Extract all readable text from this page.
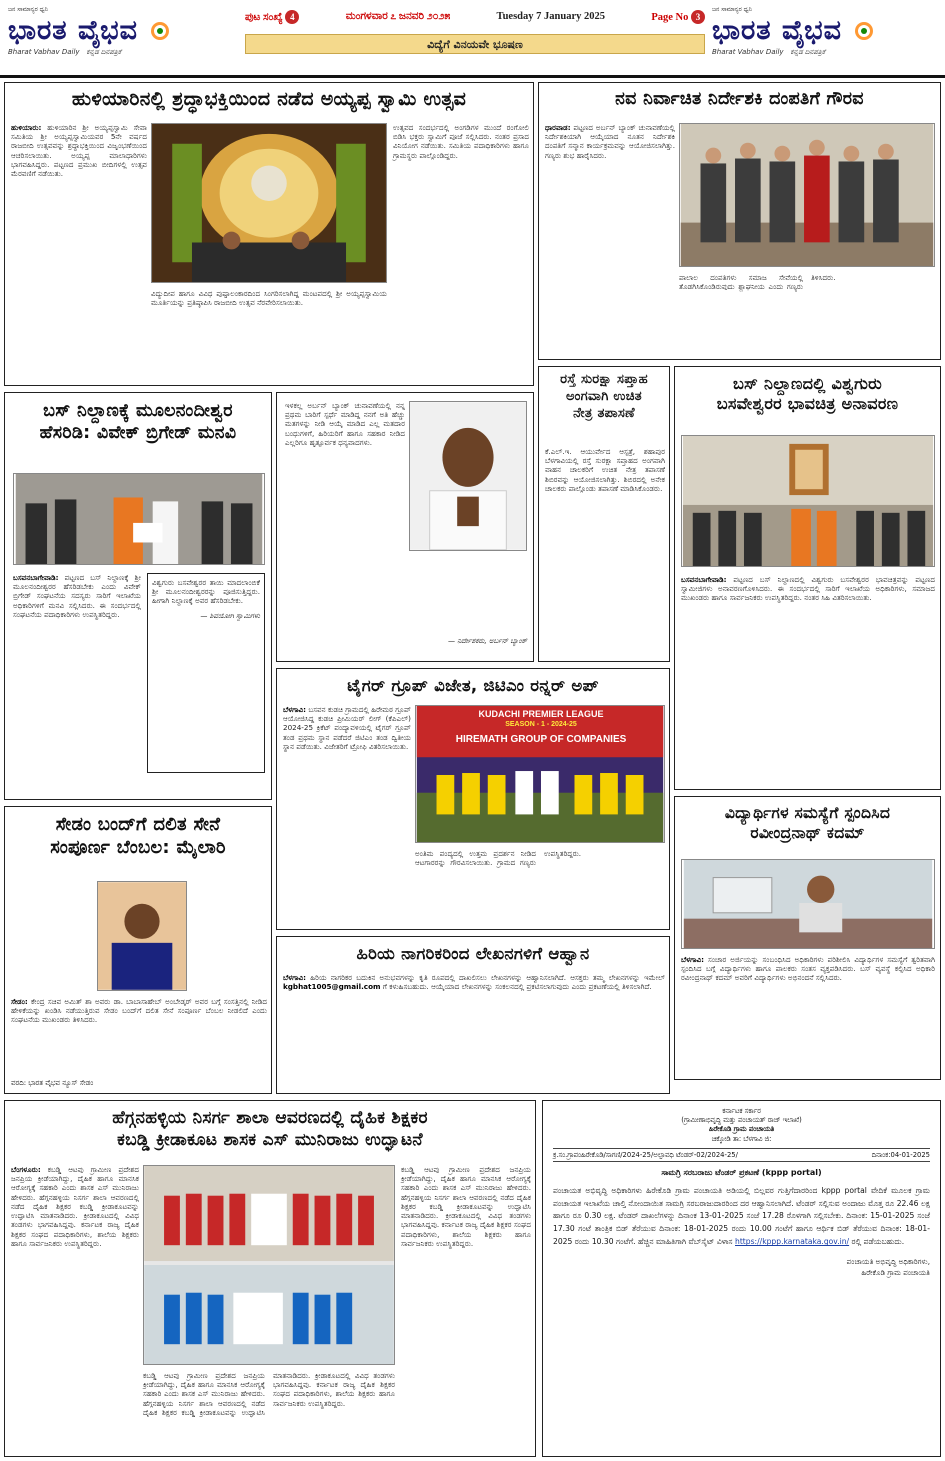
ಜನ ಸಾಮಾನ್ಯರ ಧ್ವನಿ
ಭಾರತ ವೈಭವ
Bharat Vabhav Daily ಕನ್ನಡ ದಿನಪತ್ರಿಕೆ
ಪುಟ ಸಂಖ್ಯೆ 4	ಮಂಗಳವಾರ ೭ ಜನವರಿ ೨೦೨೫	Tuesday 7 January 2025	Page No 3
ವಿದ್ಯೆಗೆ ವಿನಯವೇ ಭೂಷಣ
ಜನ ಸಾಮಾನ್ಯರ ಧ್ವನಿ
ಭಾರತ ವೈಭವ
Bharat Vabhav Daily ಕನ್ನಡ ದಿನಪತ್ರಿಕೆ
ಹುಳಿಯಾರಿನಲ್ಲಿ ಶ್ರದ್ಧಾಭಕ್ತಿಯಿಂದ ನಡೆದ ಅಯ್ಯಪ್ಪ ಸ್ವಾಮಿ ಉತ್ಸವ
ಹುಳಿಯಾರು: ಹುಳಿಯಾರಿನ ಶ್ರೀ ಅಯ್ಯಪ್ಪಸ್ವಾಮಿ ಸೇವಾ ಸಮಿತಿಯ ಶ್ರೀ ಅಯ್ಯಪ್ಪಸ್ವಾಮಿಯವರ 5ನೇ ವರ್ಷದ ರಾಜಬೀದಿ ಉತ್ಸವವನ್ನು ಶ್ರದ್ಧಾಭಕ್ತಿಯಿಂದ ವಿಜೃಂಭಣೆಯಿಂದ ಆಚರಿಸಲಾಯಿತು. ಅಯ್ಯಪ್ಪ ಮಾಲಾಧಾರಿಗಳು ಭಾಗವಹಿಸಿದ್ದರು. ಪಟ್ಟಣದ ಪ್ರಮುಖ ಬೀದಿಗಳಲ್ಲಿ ಉತ್ಸವ ಮೆರವಣಿಗೆ ನಡೆಯಿತು.
ಉತ್ಸವದ ಸಂದರ್ಭದಲ್ಲಿ ಅಂಗಡಿಗಳ ಮುಂದೆ ರಂಗೋಲಿ ಬಿಡಿಸಿ ಭಕ್ತರು ಸ್ವಾಮಿಗೆ ಪೂಜೆ ಸಲ್ಲಿಸಿದರು. ನಂತರ ಪ್ರಸಾದ ವಿನಿಯೋಗ ನಡೆಯಿತು. ಸಮಿತಿಯ ಪದಾಧಿಕಾರಿಗಳು ಹಾಗೂ ಗ್ರಾಮಸ್ಥರು ಪಾಲ್ಗೊಂಡಿದ್ದರು.
ವಿದ್ಯುದೀಪ ಹಾಗೂ ವಿವಿಧ ಪುಷ್ಪಾಲಂಕಾರದಿಂದ ಸಿಂಗರಿಸಲಾಗಿದ್ದ ಮಂಟಪದಲ್ಲಿ ಶ್ರೀ ಅಯ್ಯಪ್ಪಸ್ವಾಮಿಯ ಮೂರ್ತಿಯನ್ನು ಪ್ರತಿಷ್ಠಾಪಿಸಿ ರಾಜಬೀದಿ ಉತ್ಸವ ನೆರವೇರಿಸಲಾಯಿತು.
ನವ ನಿರ್ವಾಚಿತ ನಿರ್ದೇಶಕಿ ದಂಪತಿಗೆ ಗೌರವ
ಧಾರವಾಡ: ಪಟ್ಟಣದ ಅರ್ಬನ್ ಬ್ಯಾಂಕ್ ಚುನಾವಣೆಯಲ್ಲಿ ನಿರ್ದೇಶಕಿಯಾಗಿ ಆಯ್ಕೆಯಾದ ನೂತನ ನಿರ್ದೇಶಕಿ ದಂಪತಿಗೆ ಸನ್ಮಾನ ಕಾರ್ಯಕ್ರಮವನ್ನು ಆಯೋಜಿಸಲಾಗಿತ್ತು. ಗಣ್ಯರು ಶುಭ ಹಾರೈಸಿದರು.
ಪಾಲಾಲ ದಂಪತಿಗಳು ಸಮಾಜ ಸೇವೆಯಲ್ಲಿ ತೊಡಗಿಸಿಕೊಂಡಿರುವುದು ಶ್ಲಾಘನೀಯ ಎಂದು ಗಣ್ಯರು ತಿಳಿಸಿದರು.
ಬಸ್ ನಿಲ್ದಾಣಕ್ಕೆ ಮೂಲನಂದೀಶ್ವರ
ಹೆಸರಿಡಿ: ವಿವೇಕ್ ಬ್ರಿಗೇಡ್ ಮನವಿ
ಬಸವನಬಾಗೇವಾಡಿ: ಪಟ್ಟಣದ ಬಸ್ ನಿಲ್ದಾಣಕ್ಕೆ ಶ್ರೀ ಮೂಲನಂದೀಶ್ವರರ ಹೆಸರಿಡಬೇಕು ಎಂದು ವಿವೇಕ್ ಬ್ರಿಗೇಡ್ ಸಂಘಟನೆಯ ಸದಸ್ಯರು ಸಾರಿಗೆ ಇಲಾಖೆಯ ಅಧಿಕಾರಿಗಳಿಗೆ ಮನವಿ ಸಲ್ಲಿಸಿದರು. ಈ ಸಂದರ್ಭದಲ್ಲಿ ಸಂಘಟನೆಯ ಪದಾಧಿಕಾರಿಗಳು ಉಪಸ್ಥಿತರಿದ್ದರು.
ವಿಶ್ವಗುರು ಬಸವೇಶ್ವರರ ತಾಯಿ ಮಾದಲಾಂಬಿಕೆ ಶ್ರೀ ಮೂಲನಂದೀಶ್ವರರನ್ನು ಪೂಜಿಸುತ್ತಿದ್ದರು. ಹೀಗಾಗಿ ನಿಲ್ದಾಣಕ್ಕೆ ಅವರ ಹೆಸರಿಡಬೇಕು.
— ಶಿವಯೋಗಿ ಸ್ವಾಮಿಗಳು
ಇಳಕಲ್ಲ ಅರ್ಬನ್ ಬ್ಯಾಂಕ್ ಚುನಾವಣೆಯಲ್ಲಿ ನನ್ನ ಪ್ರಥಮ ಬಾರಿಗೆ ಸ್ಪರ್ಧೆ ಮಾಡಿದ್ದ ನನಗೆ ಅತಿ ಹೆಚ್ಚು ಮತಗಳನ್ನು ನೀಡಿ ಆಯ್ಕೆ ಮಾಡಿದ ಎಲ್ಲ ಮತದಾರ ಬಂಧುಗಳಿಗೆ, ಹಿರಿಯರಿಗೆ ಹಾಗೂ ಸಹಕಾರ ನೀಡಿದ ಎಲ್ಲರಿಗೂ ಹೃತ್ಪೂರ್ವಕ ಧನ್ಯವಾದಗಳು.
— ನಿರ್ದೇಶಕರು, ಅರ್ಬನ್ ಬ್ಯಾಂಕ್
ರಸ್ತೆ ಸುರಕ್ಷಾ ಸಪ್ತಾಹ
ಅಂಗವಾಗಿ ಉಚಿತ
ನೇತ್ರ ತಪಾಸಣೆ
ಕೆ.ಎಲ್.ಇ. ಆಯುರ್ವೇದ ಆಸ್ಪತ್ರೆ, ಶಹಾಪುರ ಬೆಳಗಾವಿಯಲ್ಲಿ ರಸ್ತೆ ಸುರಕ್ಷಾ ಸಪ್ತಾಹದ ಅಂಗವಾಗಿ ವಾಹನ ಚಾಲಕರಿಗೆ ಉಚಿತ ನೇತ್ರ ತಪಾಸಣೆ ಶಿಬಿರವನ್ನು ಆಯೋಜಿಸಲಾಗಿತ್ತು. ಶಿಬಿರದಲ್ಲಿ ಅನೇಕ ಚಾಲಕರು ಪಾಲ್ಗೊಂಡು ತಪಾಸಣೆ ಮಾಡಿಸಿಕೊಂಡರು.
ಬಸ್ ನಿಲ್ದಾಣದಲ್ಲಿ ವಿಶ್ವಗುರು
ಬಸವೇಶ್ವರರ ಭಾವಚಿತ್ರ ಅನಾವರಣ
ಬಸವನಬಾಗೇವಾಡಿ: ಪಟ್ಟಣದ ಬಸ್ ನಿಲ್ದಾಣದಲ್ಲಿ ವಿಶ್ವಗುರು ಬಸವೇಶ್ವರರ ಭಾವಚಿತ್ರವನ್ನು ಪಟ್ಟಣದ ಸ್ವಾಮೀಜಿಗಳು ಅನಾವರಣಗೊಳಿಸಿದರು. ಈ ಸಂದರ್ಭದಲ್ಲಿ ಸಾರಿಗೆ ಇಲಾಖೆಯ ಅಧಿಕಾರಿಗಳು, ಸಮಾಜದ ಮುಖಂಡರು ಹಾಗೂ ಸಾರ್ವಜನಿಕರು ಉಪಸ್ಥಿತರಿದ್ದರು. ನಂತರ ಸಿಹಿ ವಿತರಿಸಲಾಯಿತು.
ಟೈಗರ್ ಗ್ರೂಪ್ ವಿಜೇತ, ಜಿಟಿಎಂ ರನ್ನರ್ ಅಪ್
ಬೆಳಗಾವಿ: ಬಸವನ ಕುಡಚಿ ಗ್ರಾಮದಲ್ಲಿ ಹಿರೇಮಠ ಗ್ರೂಪ್ ಆಯೋಜಿಸಿದ್ದ ಕುಡಚಿ ಪ್ರೀಮಿಯರ್ ಲೀಗ್ (ಕೆಪಿಎಲ್) 2024-25 ಕ್ರಿಕೆಟ್ ಪಂದ್ಯಾವಳಿಯಲ್ಲಿ ಟೈಗರ್ ಗ್ರೂಪ್ ತಂಡ ಪ್ರಥಮ ಸ್ಥಾನ ಪಡೆದರೆ ಜಿಟಿಎಂ ತಂಡ ದ್ವಿತೀಯ ಸ್ಥಾನ ಪಡೆಯಿತು. ವಿಜೇತರಿಗೆ ಟ್ರೋಫಿ ವಿತರಿಸಲಾಯಿತು.
KUDACHI PREMIER LEAGUE
SEASON - 1 - 2024-25
HIREMATH GROUP OF COMPANIES
ಅಂತಿಮ ಪಂದ್ಯದಲ್ಲಿ ಉತ್ತಮ ಪ್ರದರ್ಶನ ನೀಡಿದ ಆಟಗಾರರನ್ನು ಗೌರವಿಸಲಾಯಿತು. ಗ್ರಾಮದ ಗಣ್ಯರು ಉಪಸ್ಥಿತರಿದ್ದರು.
ವಿದ್ಯಾರ್ಥಿಗಳ ಸಮಸ್ಯೆಗೆ ಸ್ಪಂದಿಸಿದ
ರವೀಂದ್ರನಾಥ್ ಕದಮ್
ಬೆಳಗಾವಿ: ಸಂಚಾರ ಅರ್ಜಿಯನ್ನು ಸಂಬಂಧಿಸಿದ ಅಧಿಕಾರಿಗಳು ಪರಿಶೀಲಿಸಿ ವಿದ್ಯಾರ್ಥಿಗಳ ಸಮಸ್ಯೆಗೆ ತ್ವರಿತವಾಗಿ ಸ್ಪಂದಿಸಿದ ಬಗ್ಗೆ ವಿದ್ಯಾರ್ಥಿಗಳು ಹಾಗೂ ಪಾಲಕರು ಸಂತಸ ವ್ಯಕ್ತಪಡಿಸಿದರು. ಬಸ್ ವ್ಯವಸ್ಥೆ ಕಲ್ಪಿಸಿದ ಅಧಿಕಾರಿ ರವೀಂದ್ರನಾಥ್ ಕದಮ್ ಅವರಿಗೆ ವಿದ್ಯಾರ್ಥಿಗಳು ಅಭಿನಂದನೆ ಸಲ್ಲಿಸಿದರು.
ಸೇಡಂ ಬಂದ್‌ಗೆ ದಲಿತ ಸೇನೆ
ಸಂಪೂರ್ಣ ಬೆಂಬಲ: ಮೈಲಾರಿ
ಸೇಡಂ: ಕೇಂದ್ರ ಸಚಿವ ಅಮಿತ್ ಶಾ ಅವರು ಡಾ. ಬಾಬಾಸಾಹೇಬ್ ಅಂಬೇಡ್ಕರ್ ಅವರ ಬಗ್ಗೆ ಸಂಸತ್ತಿನಲ್ಲಿ ನೀಡಿದ ಹೇಳಿಕೆಯನ್ನು ಖಂಡಿಸಿ ನಡೆಯುತ್ತಿರುವ ಸೇಡಂ ಬಂದ್‌ಗೆ ದಲಿತ ಸೇನೆ ಸಂಪೂರ್ಣ ಬೆಂಬಲ ನೀಡಲಿದೆ ಎಂದು ಸಂಘಟನೆಯ ಮುಖಂಡರು ತಿಳಿಸಿದರು.
ವರದಿ: ಭಾರತ ವೈಭವ ನ್ಯೂಸ್ ಸೇಡಂ
ಹಿರಿಯ ನಾಗರಿಕರಿಂದ ಲೇಖನಗಳಿಗೆ ಆಹ್ವಾನ
ಬೆಳಗಾವಿ: ಹಿರಿಯ ನಾಗರಿಕರ ಬದುಕಿನ ಅನುಭವಗಳನ್ನು ಕೃತಿ ರೂಪದಲ್ಲಿ ದಾಖಲಿಸಲು ಲೇಖನಗಳನ್ನು ಆಹ್ವಾನಿಸಲಾಗಿದೆ. ಆಸಕ್ತರು ತಮ್ಮ ಲೇಖನಗಳನ್ನು ಇಮೇಲ್ kgbhat1005@gmail.com ಗೆ ಕಳುಹಿಸಬಹುದು. ಆಯ್ಕೆಯಾದ ಲೇಖನಗಳನ್ನು ಸಂಕಲನದಲ್ಲಿ ಪ್ರಕಟಿಸಲಾಗುವುದು ಎಂದು ಪ್ರಕಟಣೆಯಲ್ಲಿ ತಿಳಿಸಲಾಗಿದೆ.
ಹೆಗ್ಗನಹಳ್ಳಿಯ ನಿಸರ್ಗ ಶಾಲಾ ಆವರಣದಲ್ಲಿ ದೈಹಿಕ ಶಿಕ್ಷಕರ
ಕಬಡ್ಡಿ ಕ್ರೀಡಾಕೂಟ ಶಾಸಕ ಎಸ್ ಮುನಿರಾಜು ಉದ್ಘಾಟನೆ
ಬೆಂಗಳೂರು: ಕಬಡ್ಡಿ ಆಟವು ಗ್ರಾಮೀಣ ಪ್ರದೇಶದ ಜನಪ್ರಿಯ ಕ್ರೀಡೆಯಾಗಿದ್ದು, ದೈಹಿಕ ಹಾಗೂ ಮಾನಸಿಕ ಆರೋಗ್ಯಕ್ಕೆ ಸಹಕಾರಿ ಎಂದು ಶಾಸಕ ಎಸ್ ಮುನಿರಾಜು ಹೇಳಿದರು. ಹೆಗ್ಗನಹಳ್ಳಿಯ ನಿಸರ್ಗ ಶಾಲಾ ಆವರಣದಲ್ಲಿ ನಡೆದ ದೈಹಿಕ ಶಿಕ್ಷಕರ ಕಬಡ್ಡಿ ಕ್ರೀಡಾಕೂಟವನ್ನು ಉದ್ಘಾಟಿಸಿ ಮಾತನಾಡಿದರು. ಕ್ರೀಡಾಕೂಟದಲ್ಲಿ ವಿವಿಧ ತಂಡಗಳು ಭಾಗವಹಿಸಿದ್ದವು. ಕರ್ನಾಟಕ ರಾಜ್ಯ ದೈಹಿಕ ಶಿಕ್ಷಕರ ಸಂಘದ ಪದಾಧಿಕಾರಿಗಳು, ಶಾಲೆಯ ಶಿಕ್ಷಕರು ಹಾಗೂ ಸಾರ್ವಜನಿಕರು ಉಪಸ್ಥಿತರಿದ್ದರು.
ಕಬಡ್ಡಿ ಆಟವು ಗ್ರಾಮೀಣ ಪ್ರದೇಶದ ಜನಪ್ರಿಯ ಕ್ರೀಡೆಯಾಗಿದ್ದು, ದೈಹಿಕ ಹಾಗೂ ಮಾನಸಿಕ ಆರೋಗ್ಯಕ್ಕೆ ಸಹಕಾರಿ ಎಂದು ಶಾಸಕ ಎಸ್ ಮುನಿರಾಜು ಹೇಳಿದರು. ಹೆಗ್ಗನಹಳ್ಳಿಯ ನಿಸರ್ಗ ಶಾಲಾ ಆವರಣದಲ್ಲಿ ನಡೆದ ದೈಹಿಕ ಶಿಕ್ಷಕರ ಕಬಡ್ಡಿ ಕ್ರೀಡಾಕೂಟವನ್ನು ಉದ್ಘಾಟಿಸಿ ಮಾತನಾಡಿದರು. ಕ್ರೀಡಾಕೂಟದಲ್ಲಿ ವಿವಿಧ ತಂಡಗಳು ಭಾಗವಹಿಸಿದ್ದವು. ಕರ್ನಾಟಕ ರಾಜ್ಯ ದೈಹಿಕ ಶಿಕ್ಷಕರ ಸಂಘದ ಪದಾಧಿಕಾರಿಗಳು, ಶಾಲೆಯ ಶಿಕ್ಷಕರು ಹಾಗೂ ಸಾರ್ವಜನಿಕರು ಉಪಸ್ಥಿತರಿದ್ದರು.
ಕಬಡ್ಡಿ ಆಟವು ಗ್ರಾಮೀಣ ಪ್ರದೇಶದ ಜನಪ್ರಿಯ ಕ್ರೀಡೆಯಾಗಿದ್ದು, ದೈಹಿಕ ಹಾಗೂ ಮಾನಸಿಕ ಆರೋಗ್ಯಕ್ಕೆ ಸಹಕಾರಿ ಎಂದು ಶಾಸಕ ಎಸ್ ಮುನಿರಾಜು ಹೇಳಿದರು. ಹೆಗ್ಗನಹಳ್ಳಿಯ ನಿಸರ್ಗ ಶಾಲಾ ಆವರಣದಲ್ಲಿ ನಡೆದ ದೈಹಿಕ ಶಿಕ್ಷಕರ ಕಬಡ್ಡಿ ಕ್ರೀಡಾಕೂಟವನ್ನು ಉದ್ಘಾಟಿಸಿ ಮಾತನಾಡಿದರು. ಕ್ರೀಡಾಕೂಟದಲ್ಲಿ ವಿವಿಧ ತಂಡಗಳು ಭಾಗವಹಿಸಿದ್ದವು. ಕರ್ನಾಟಕ ರಾಜ್ಯ ದೈಹಿಕ ಶಿಕ್ಷಕರ ಸಂಘದ ಪದಾಧಿಕಾರಿಗಳು, ಶಾಲೆಯ ಶಿಕ್ಷಕರು ಹಾಗೂ ಸಾರ್ವಜನಿಕರು ಉಪಸ್ಥಿತರಿದ್ದರು.
ಕರ್ನಾಟಕ ಸರ್ಕಾರ
(ಗ್ರಾಮೀಣಾಭಿವೃದ್ಧಿ ಮತ್ತು ಪಂಚಾಯತ್ ರಾಜ್ ಇಲಾಖೆ)
ಹಿರೇಕೊಡಿ ಗ್ರಾಮ ಪಂಚಾಯತಿ
ಚಿಕ್ಕೋಡಿ ತಾ: ಬೆಳಗಾವಿ ಜಿ:
ಕ್ರ.ಸಂ.ಗ್ರಾಪಂಹಿರೇಕೊಡಿ/ಸಾಗಣಿ/2024-25/ಅಲ್ಪಾವಧಿ ಟೆಂಡರ್-02/2024-25/	ದಿನಾಂಕ:04-01-2025
ಸಾಮಗ್ರಿ ಸರಬರಾಜು ಟೆಂಡರ್ ಪ್ರಕಟಣೆ (kppp portal)
ಪಂಚಾಯತ ಅಭಿವೃದ್ಧಿ ಅಧಿಕಾರಿಗಳು ಹಿರೇಕೊಡಿ ಗ್ರಾಮ ಪಂಚಾಯತಿ ಅಡಿಯಲ್ಲಿ ಬಿಲ್ಲವರ ಗುತ್ತಿಗೆದಾರರಿಂದ kppp portal ವೇದಿಕೆ ಮೂಲಕ ಗ್ರಾಮ ಪಂಚಾಯತ ಇಲಾಖೆಯ ಚಾಲ್ತಿ ನೋಂದಾಯಿತ ಸಾಮಗ್ರಿ ಸರಬರಾಜುದಾರರಿಂದ ದರ ಆಹ್ವಾನಿಸಲಾಗಿದೆ. ಟೆಂಡರ್ ಸಲ್ಲಿಸುವ ಅಂದಾಜು ಮೊತ್ತ ರೂ 22.46 ಲಕ್ಷ ಹಾಗೂ ರೂ 0.30 ಲಕ್ಷ. ಟೆಂಡರ್ ದಾಖಲೆಗಳನ್ನು ದಿನಾಂಕ 13-01-2025 ಸಂಜೆ 17.28 ರೊಳಗಾಗಿ ಸಲ್ಲಿಸಬೇಕು. ದಿನಾಂಕ: 15-01-2025 ಸಂಜೆ 17.30 ಗಂಟೆ ತಾಂತ್ರಿಕ ಬಿಡ್ ತೆರೆಯುವ ದಿನಾಂಕ: 18-01-2025 ರಂದು 10.00 ಗಂಟೆಗೆ ಹಾಗೂ ಆರ್ಥಿಕ ಬಿಡ್ ತೆರೆಯುವ ದಿನಾಂಕ: 18-01-2025 ರಂದು 10.30 ಗಂಟೆಗೆ. ಹೆಚ್ಚಿನ ಮಾಹಿತಿಗಾಗಿ ವೆಬ್‌ಸೈಟ್ ವಿಳಾಸ https://kppp.karnataka.gov.in/ ರಲ್ಲಿ ಪಡೆಯಬಹುದು.
ಪಂಚಾಯತಿ ಅಭಿವೃದ್ಧಿ ಅಧಿಕಾರಿಗಳು,
ಹಿರೇಕೊಡಿ ಗ್ರಾಮ ಪಂಚಾಯತಿ
